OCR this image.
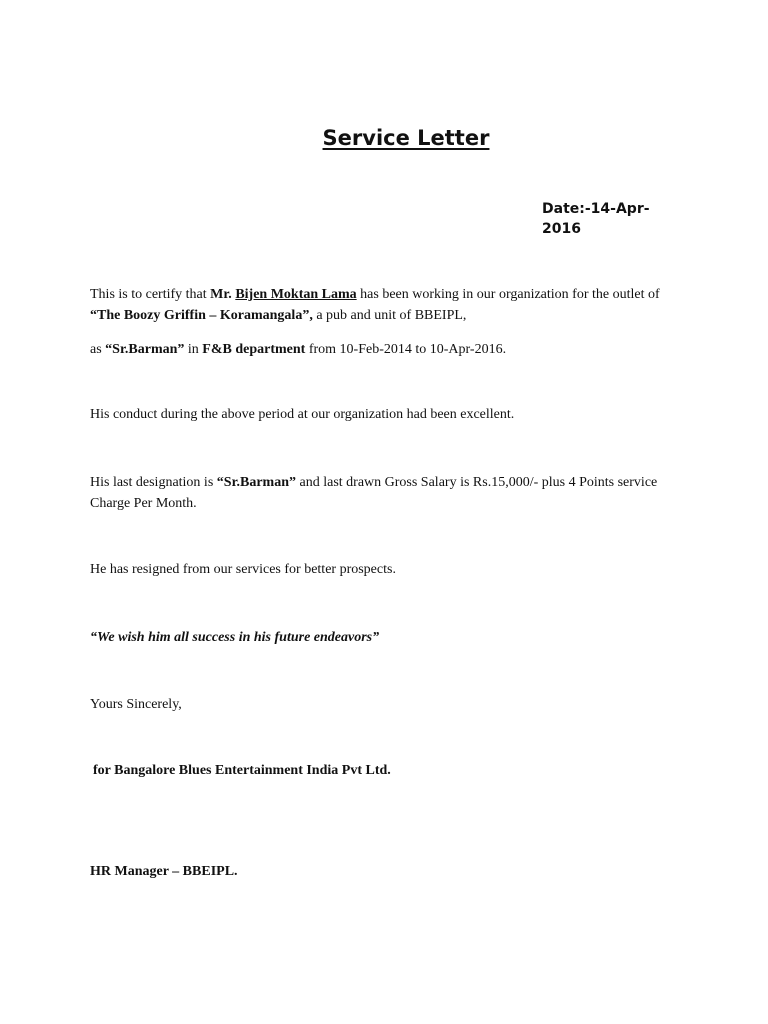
Service Letter
Date:-14-Apr-2016
This is to certify that Mr. Bijen Moktan Lama has been working in our organization for the outlet of “The Boozy Griffin – Koramangala”, a pub and unit of BBEIPL,
as “Sr.Barman” in F&B department from 10-Feb-2014 to 10-Apr-2016.
His conduct during the above period at our organization had been excellent.
His last designation is “Sr.Barman” and last drawn Gross Salary is Rs.15,000/- plus 4 Points service Charge Per Month.
He has resigned from our services for better prospects.
“We wish him all success in his future endeavors”
Yours Sincerely,
for Bangalore Blues Entertainment India Pvt Ltd.
HR Manager – BBEIPL.
